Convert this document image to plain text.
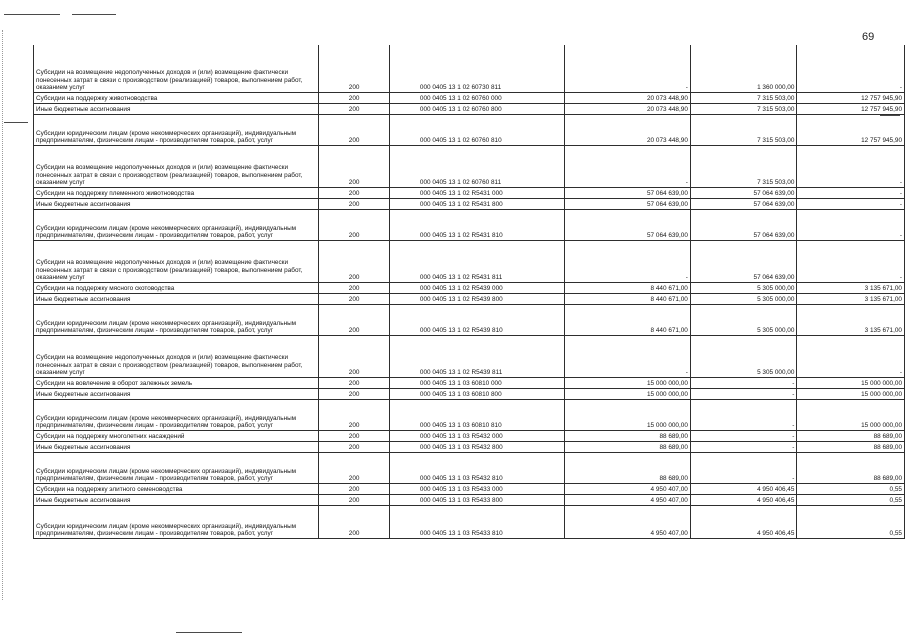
69
Субсидии на возмещение недополученных доходов и (или) возмещение фактически понесенных затрат в связи с производством (реализацией) товаров, выполнением работ, оказанием услуг	200	000 0405 13 1 02 60730 811	-	1 360 000,00	-
Субсидии на поддержку животноводства	200	000 0405 13 1 02 60760 000	20 073 448,90	7 315 503,00	12 757 945,90
Иные бюджетные ассигнования	200	000 0405 13 1 02 60760 800	20 073 448,90	7 315 503,00	12 757 945,90
Субсидии юридическим лицам (кроме некоммерческих организаций), индивидуальным предпринимателям, физическим лицам - производителям товаров, работ, услуг	200	000 0405 13 1 02 60760 810	20 073 448,90	7 315 503,00	12 757 945,90
Субсидии на возмещение недополученных доходов и (или) возмещение фактически понесенных затрат в связи с производством (реализацией) товаров, выполнением работ, оказанием услуг	200	000 0405 13 1 02 60760 811	-	7 315 503,00	-
Субсидии на поддержку племенного животноводства	200	000 0405 13 1 02 R5431 000	57 064 639,00	57 064 639,00	-
Иные бюджетные ассигнования	200	000 0405 13 1 02 R5431 800	57 064 639,00	57 064 639,00	-
Субсидии юридическим лицам (кроме некоммерческих организаций), индивидуальным предпринимателям, физическим лицам - производителям товаров, работ, услуг	200	000 0405 13 1 02 R5431 810	57 064 639,00	57 064 639,00	-
Субсидии на возмещение недополученных доходов и (или) возмещение фактически понесенных затрат в связи с производством (реализацией) товаров, выполнением работ, оказанием услуг	200	000 0405 13 1 02 R5431 811	-	57 064 639,00	-
Субсидии на поддержку мясного скотоводства	200	000 0405 13 1 02 R5439 000	8 440 671,00	5 305 000,00	3 135 671,00
Иные бюджетные ассигнования	200	000 0405 13 1 02 R5439 800	8 440 671,00	5 305 000,00	3 135 671,00
Субсидии юридическим лицам (кроме некоммерческих организаций), индивидуальным предпринимателям, физическим лицам - производителям товаров, работ, услуг	200	000 0405 13 1 02 R5439 810	8 440 671,00	5 305 000,00	3 135 671,00
Субсидии на возмещение недополученных доходов и (или) возмещение фактически понесенных затрат в связи с производством (реализацией) товаров, выполнением работ, оказанием услуг	200	000 0405 13 1 02 R5439 811	-	5 305 000,00	-
Субсидии на вовлечение в оборот залежных земель	200	000 0405 13 1 03 60810 000	15 000 000,00	-	15 000 000,00
Иные бюджетные ассигнования	200	000 0405 13 1 03 60810 800	15 000 000,00	-	15 000 000,00
Субсидии юридическим лицам (кроме некоммерческих организаций), индивидуальным предпринимателям, физическим лицам - производителям товаров, работ, услуг	200	000 0405 13 1 03 60810 810	15 000 000,00	-	15 000 000,00
Субсидии на поддержку многолетних насаждений	200	000 0405 13 1 03 R5432 000	88 689,00	-	88 689,00
Иные бюджетные ассигнования	200	000 0405 13 1 03 R5432 800	88 689,00	-	88 689,00
Субсидии юридическим лицам (кроме некоммерческих организаций), индивидуальным предпринимателям, физическим лицам - производителям товаров, работ, услуг	200	000 0405 13 1 03 R5432 810	88 689,00	-	88 689,00
Субсидии на поддержку элитного семеноводства	200	000 0405 13 1 03 R5433 000	4 950 407,00	4 950 406,45	0,55
Иные бюджетные ассигнования	200	000 0405 13 1 03 R5433 800	4 950 407,00	4 950 406,45	0,55
Субсидии юридическим лицам (кроме некоммерческих организаций), индивидуальным предпринимателям, физическим лицам - производителям товаров, работ, услуг	200	000 0405 13 1 03 R5433 810	4 950 407,00	4 950 406,45	0,55
